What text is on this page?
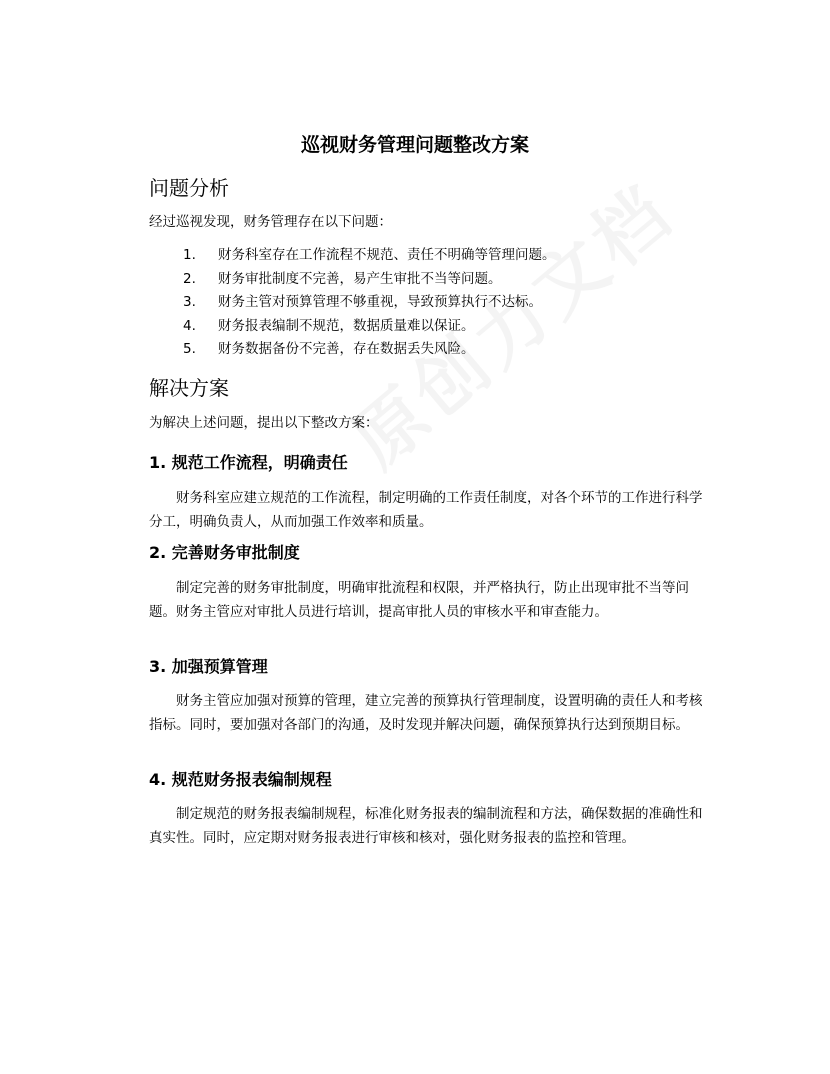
巡视财务管理问题整改方案
问题分析
经过巡视发现，财务管理存在以下问题：
1. 财务科室存在工作流程不规范、责任不明确等管理问题。
2. 财务审批制度不完善，易产生审批不当等问题。
3. 财务主管对预算管理不够重视，导致预算执行不达标。
4. 财务报表编制不规范，数据质量难以保证。
5. 财务数据备份不完善，存在数据丢失风险。
解决方案
为解决上述问题，提出以下整改方案：
1. 规范工作流程，明确责任
财务科室应建立规范的工作流程，制定明确的工作责任制度，对各个环节的工作进行科学分工，明确负责人，从而加强工作效率和质量。
2. 完善财务审批制度
制定完善的财务审批制度，明确审批流程和权限，并严格执行，防止出现审批不当等问题。财务主管应对审批人员进行培训，提高审批人员的审核水平和审查能力。
3. 加强预算管理
财务主管应加强对预算的管理，建立完善的预算执行管理制度，设置明确的责任人和考核指标。同时，要加强对各部门的沟通，及时发现并解决问题，确保预算执行达到预期目标。
4. 规范财务报表编制规程
制定规范的财务报表编制规程，标准化财务报表的编制流程和方法，确保数据的准确性和真实性。同时，应定期对财务报表进行审核和核对，强化财务报表的监控和管理。
